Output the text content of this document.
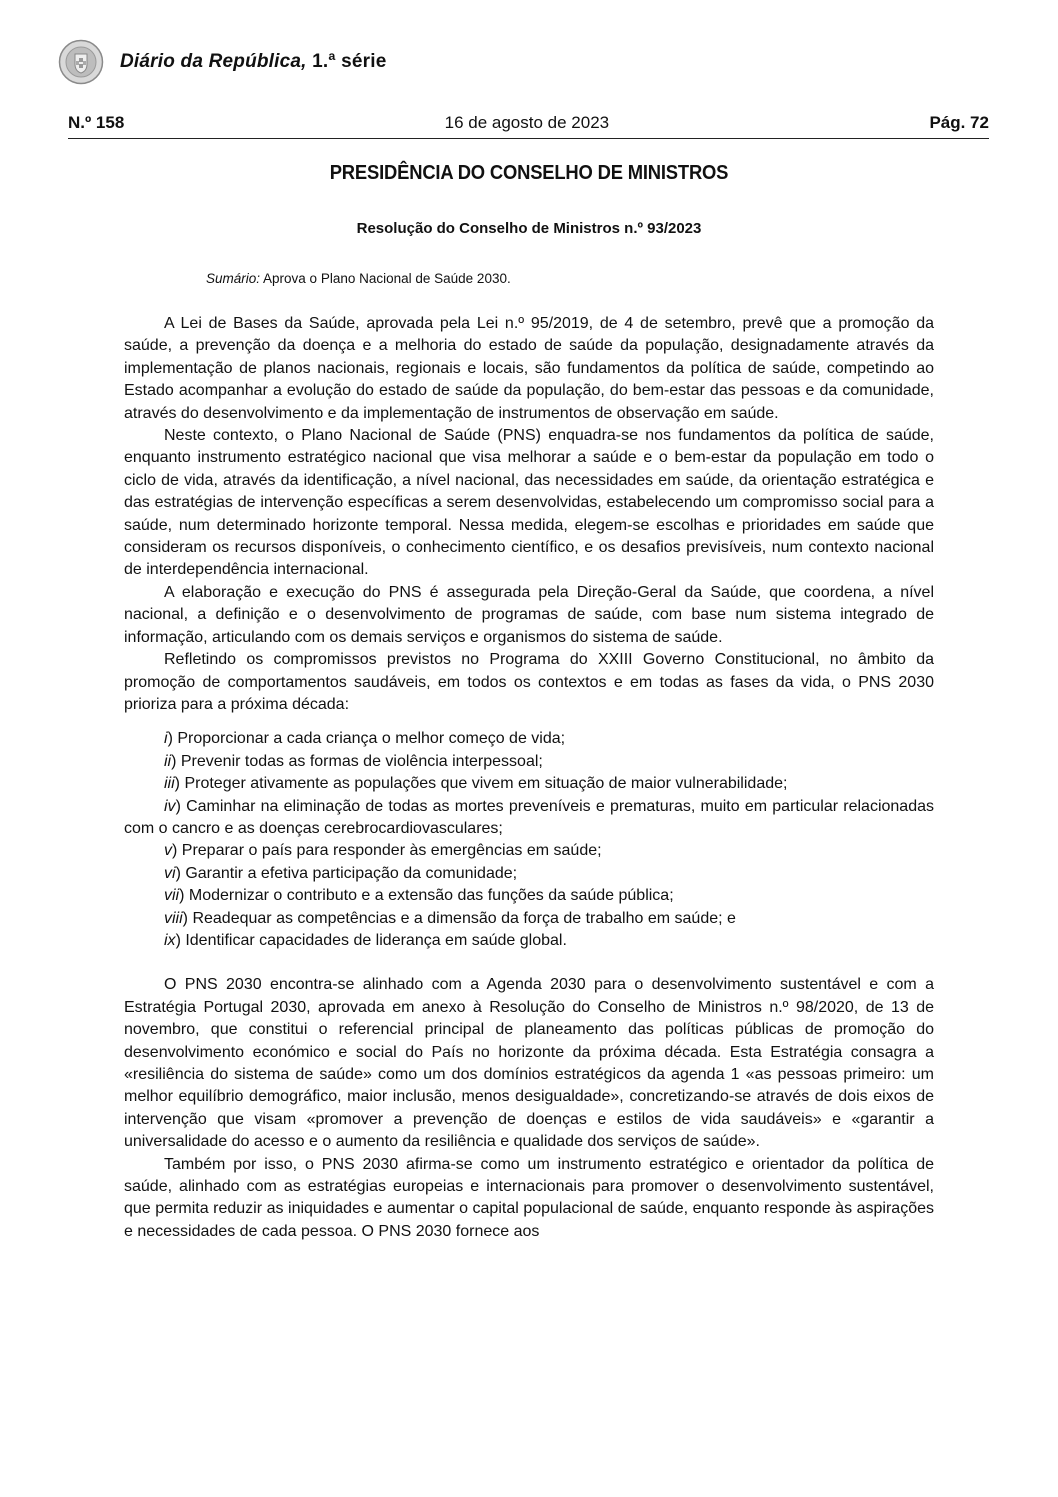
Diário da República, 1.ª série
N.º 158	16 de agosto de 2023	Pág. 72
PRESIDÊNCIA DO CONSELHO DE MINISTROS
Resolução do Conselho de Ministros n.º 93/2023
Sumário: Aprova o Plano Nacional de Saúde 2030.

A Lei de Bases da Saúde, aprovada pela Lei n.º 95/2019, de 4 de setembro, prevê que a promoção da saúde, a prevenção da doença e a melhoria do estado de saúde da população, designadamente através da implementação de planos nacionais, regionais e locais, são fundamentos da política de saúde, competindo ao Estado acompanhar a evolução do estado de saúde da população, do bem-estar das pessoas e da comunidade, através do desenvolvimento e da implementação de instrumentos de observação em saúde.

Neste contexto, o Plano Nacional de Saúde (PNS) enquadra-se nos fundamentos da política de saúde, enquanto instrumento estratégico nacional que visa melhorar a saúde e o bem-estar da população em todo o ciclo de vida, através da identificação, a nível nacional, das necessidades em saúde, da orientação estratégica e das estratégias de intervenção específicas a serem desenvolvidas, estabelecendo um compromisso social para a saúde, num determinado horizonte temporal. Nessa medida, elegem-se escolhas e prioridades em saúde que consideram os recursos disponíveis, o conhecimento científico, e os desafios previsíveis, num contexto nacional de interdependência internacional.

A elaboração e execução do PNS é assegurada pela Direção-Geral da Saúde, que coordena, a nível nacional, a definição e o desenvolvimento de programas de saúde, com base num sistema integrado de informação, articulando com os demais serviços e organismos do sistema de saúde.

Refletindo os compromissos previstos no Programa do XXIII Governo Constitucional, no âmbito da promoção de comportamentos saudáveis, em todos os contextos e em todas as fases da vida, o PNS 2030 prioriza para a próxima década:

i) Proporcionar a cada criança o melhor começo de vida;
ii) Prevenir todas as formas de violência interpessoal;
iii) Proteger ativamente as populações que vivem em situação de maior vulnerabilidade;
iv) Caminhar na eliminação de todas as mortes preveníveis e prematuras, muito em particular relacionadas com o cancro e as doenças cerebrocardiovasculares;
v) Preparar o país para responder às emergências em saúde;
vi) Garantir a efetiva participação da comunidade;
vii) Modernizar o contributo e a extensão das funções da saúde pública;
viii) Readequar as competências e a dimensão da força de trabalho em saúde; e
ix) Identificar capacidades de liderança em saúde global.

O PNS 2030 encontra-se alinhado com a Agenda 2030 para o desenvolvimento sustentável e com a Estratégia Portugal 2030, aprovada em anexo à Resolução do Conselho de Ministros n.º 98/2020, de 13 de novembro, que constitui o referencial principal de planeamento das políticas públicas de promoção do desenvolvimento económico e social do País no horizonte da próxima década. Esta Estratégia consagra a «resiliência do sistema de saúde» como um dos domínios estratégicos da agenda 1 «as pessoas primeiro: um melhor equilíbrio demográfico, maior inclusão, menos desigualdade», concretizando-se através de dois eixos de intervenção que visam «promover a prevenção de doenças e estilos de vida saudáveis» e «garantir a universalidade do acesso e o aumento da resiliência e qualidade dos serviços de saúde».

Também por isso, o PNS 2030 afirma-se como um instrumento estratégico e orientador da política de saúde, alinhado com as estratégias europeias e internacionais para promover o desenvolvimento sustentável, que permita reduzir as iniquidades e aumentar o capital populacional de saúde, enquanto responde às aspirações e necessidades de cada pessoa. O PNS 2030 fornece aos
